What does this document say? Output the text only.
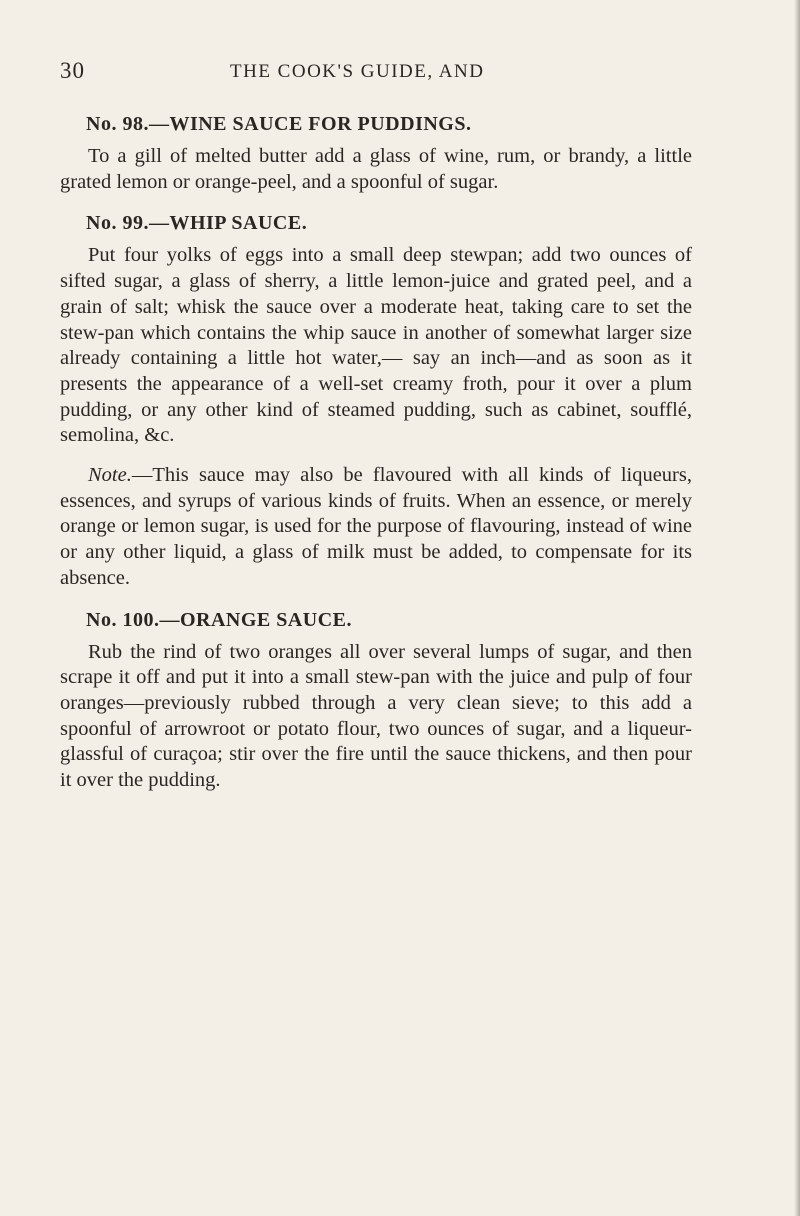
30	THE COOK'S GUIDE, AND
No. 98.—WINE SAUCE FOR PUDDINGS.

To a gill of melted butter add a glass of wine, rum, or brandy, a little grated lemon or orange-peel, and a spoonful of sugar.

No. 99.—WHIP SAUCE.

Put four yolks of eggs into a small deep stewpan; add two ounces of sifted sugar, a glass of sherry, a little lemon-juice and grated peel, and a grain of salt; whisk the sauce over a moderate heat, taking care to set the stew-pan which contains the whip sauce in another of somewhat larger size already containing a little hot water,— say an inch—and as soon as it presents the appearance of a well-set creamy froth, pour it over a plum pudding, or any other kind of steamed pudding, such as cabinet, soufflé, semolina, &c.

Note.—This sauce may also be flavoured with all kinds of liqueurs, essences, and syrups of various kinds of fruits. When an essence, or merely orange or lemon sugar, is used for the purpose of flavouring, instead of wine or any other liquid, a glass of milk must be added, to compensate for its absence.

No. 100.—ORANGE SAUCE.

Rub the rind of two oranges all over several lumps of sugar, and then scrape it off and put it into a small stew-pan with the juice and pulp of four oranges—previously rubbed through a very clean sieve; to this add a spoonful of arrowroot or potato flour, two ounces of sugar, and a liqueur-glassful of curaçoa; stir over the fire until the sauce thickens, and then pour it over the pudding.
